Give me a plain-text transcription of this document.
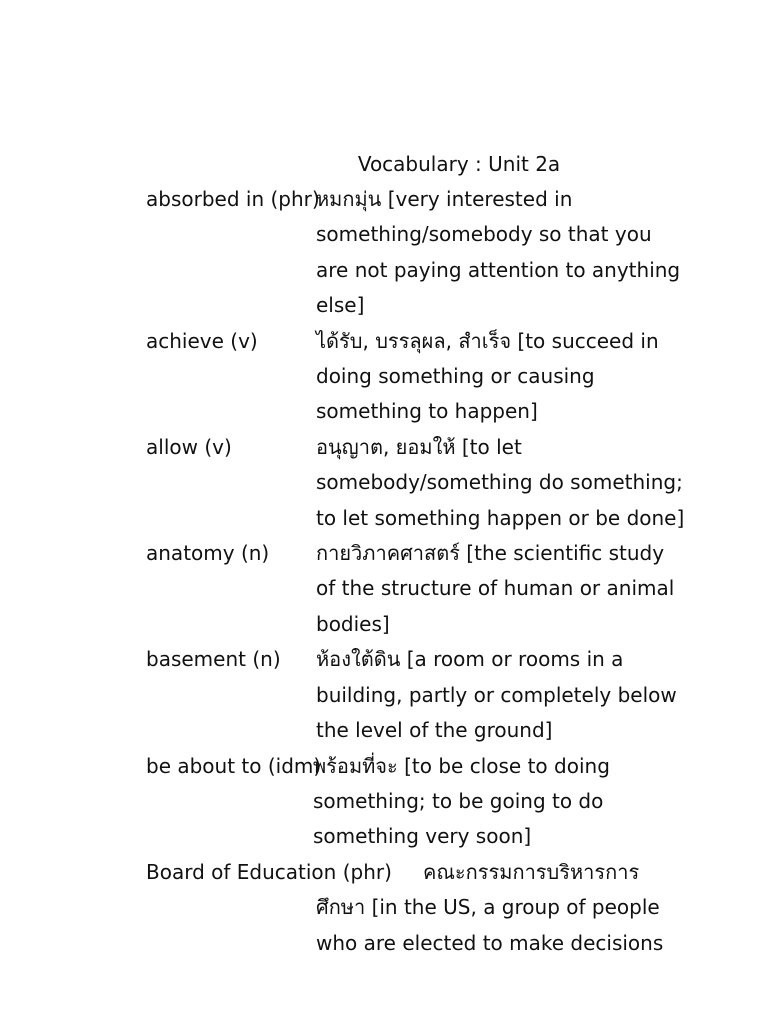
Vocabulary : Unit 2a
absorbed in (phr)
หมกมุ่น [very interested in something/somebody so that you are not paying attention to anything else]
achieve (v)	ได้รับ, บรรลุผล, สำเร็จ [to succeed in doing something or causing something to happen]
allow (v)	อนุญาต, ยอมให้ [to let somebody/something do something; to let something happen or be done]
anatomy (n) กายวิภาคศาสตร์ [the scientific study of the structure of human or animal bodies]
basement (n) ห้องใต้ดิน [a room or rooms in a building, partly or completely below the level of the ground]
be about to (idm)
พร้อมที่จะ [to be close to doing something; to be going to do something very soon]
Board of Education (phr) คณะกรรมการบริหารการ
ศึกษา [in the US, a group of people who are elected to make decisions
